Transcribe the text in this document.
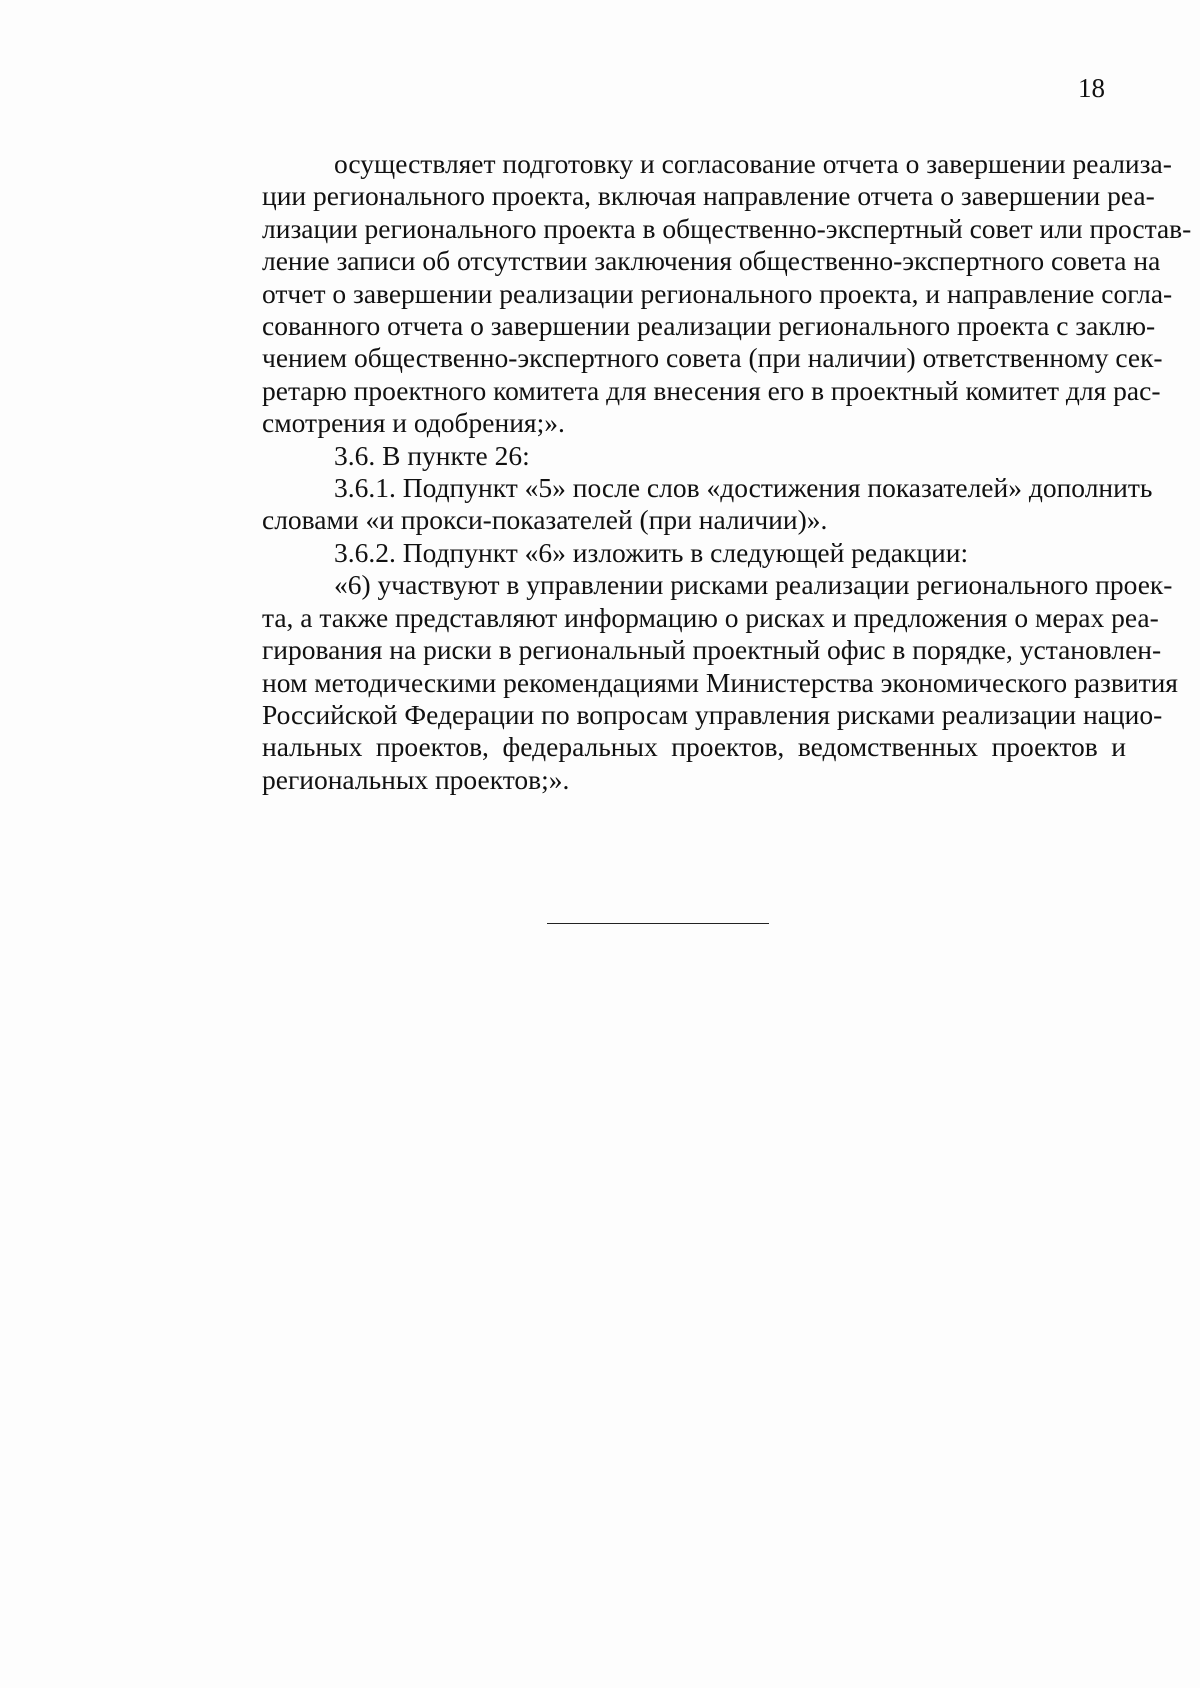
18
осуществляет подготовку и согласование отчета о завершении реализа-
ции регионального проекта, включая направление отчета о завершении реа-
лизации регионального проекта в общественно-экспертный совет или простав-
ление записи об отсутствии заключения общественно-экспертного совета на
отчет о завершении реализации регионального проекта, и направление согла-
сованного отчета о завершении реализации регионального проекта с заклю-
чением общественно-экспертного совета (при наличии) ответственному сек-
ретарю проектного комитета для внесения его в проектный комитет для рас-
смотрения и одобрения;».
3.6. В пункте 26:
3.6.1. Подпункт «5» после слов «достижения показателей» дополнить
словами «и прокси-показателей (при наличии)».
3.6.2. Подпункт «6» изложить в следующей редакции:
«6) участвуют в управлении рисками реализации регионального проек-
та, а также представляют информацию о рисках и предложения о мерах реа-
гирования на риски в региональный проектный офис в порядке, установлен-
ном методическими рекомендациями Министерства экономического развития
Российской Федерации по вопросам управления рисками реализации нацио-
нальных проектов, федеральных проектов, ведомственных проектов и
региональных проектов;».
